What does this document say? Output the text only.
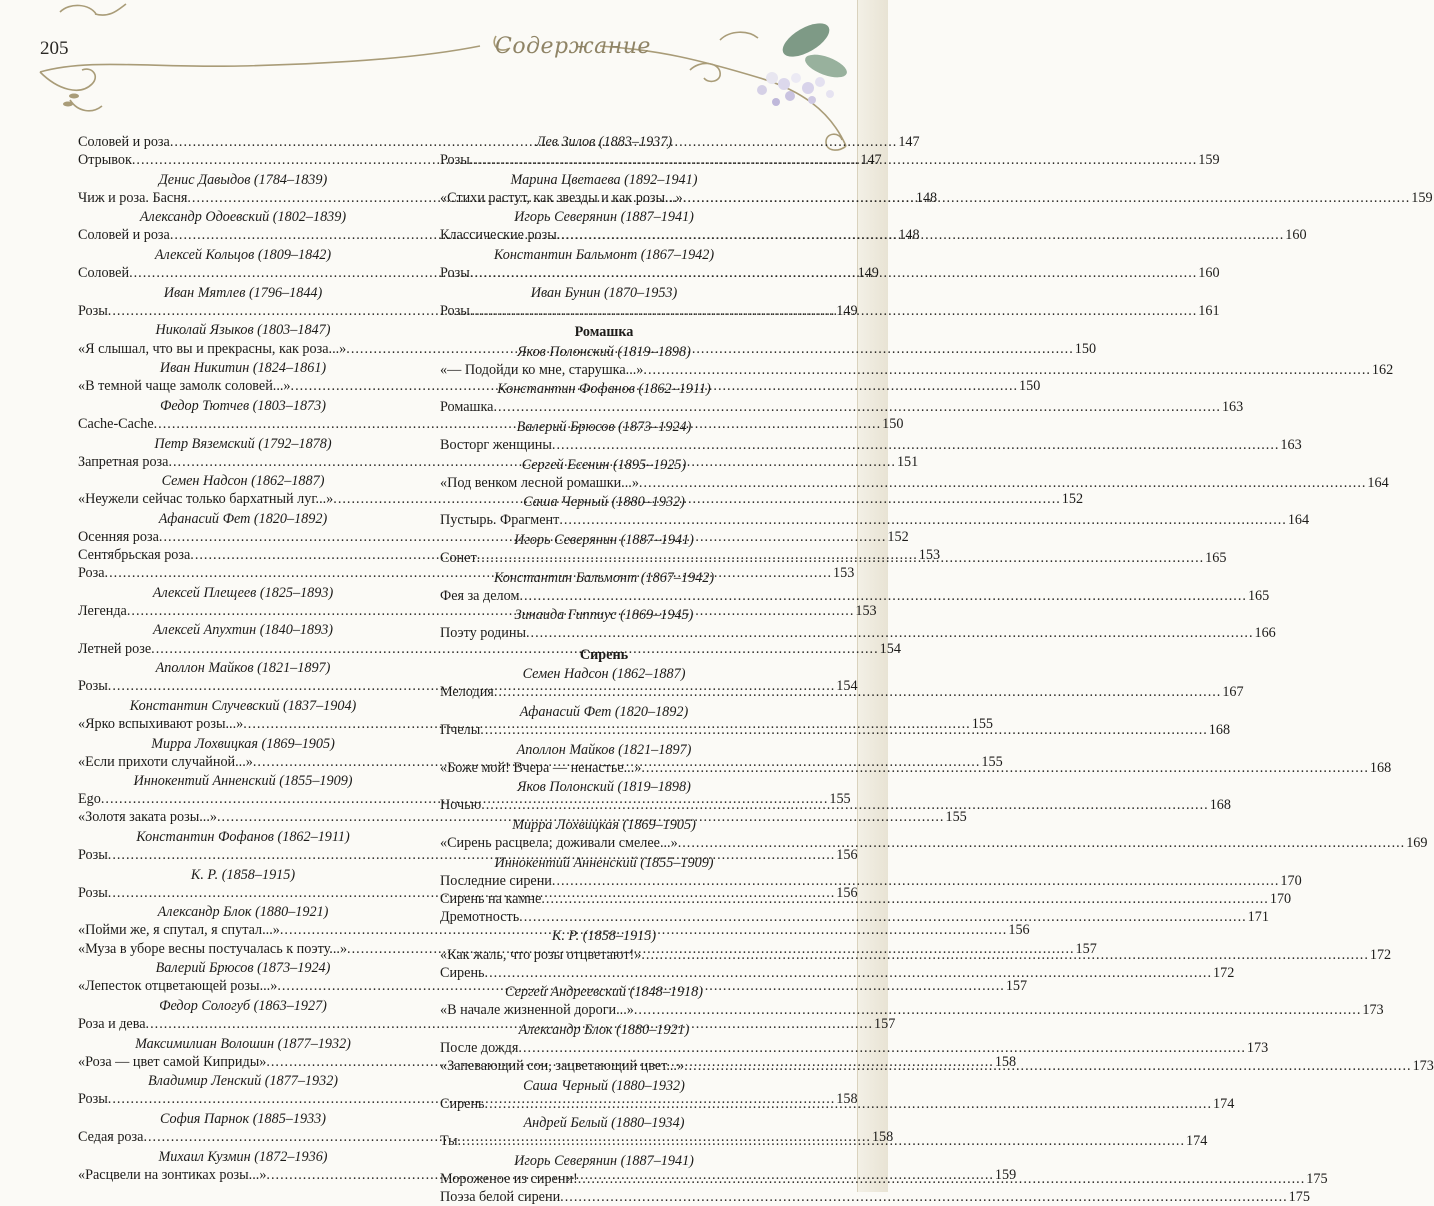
205	Содержание
Соловей и роза .....	147
Отрывок .....	147
Денис Давыдов (1784–1839)
Чиж и роза. Басня .....	148
Александр Одоевский (1802–1839)
Соловей и роза .....	148
Алексей Кольцов (1809–1842)
Соловей .....	149
Иван Мятлев (1796–1844)
Розы .....	149
Николай Языков (1803–1847)
«Я слышал, что вы и прекрасны, как роза...» .....	150
Иван Никитин (1824–1861)
«В темной чаще замолк соловей...» .....	150
Федор Тютчев (1803–1873)
Cache-Cache .....	150
Петр Вяземский (1792–1878)
Запретная роза .....	151
Семен Надсон (1862–1887)
«Неужели сейчас только бархатный луг...» .....	152
Афанасий Фет (1820–1892)
Осенняя роза .....	152
Сентябрьская роза .....	153
Роза .....	153
Алексей Плещеев (1825–1893)
Легенда .....	153
Алексей Апухтин (1840–1893)
Летней розе .....	154
Аполлон Майков (1821–1897)
Розы .....	154
Константин Случевский (1837–1904)
«Ярко вспыхивают розы...» .....	155
Мирра Лохвицкая (1869–1905)
«Если прихоти случайной...» .....	155
Иннокентий Анненский (1855–1909)
Ego .....	155
«Золотя заката розы...» .....	155
Константин Фофанов (1862–1911)
Розы .....	156
К. Р. (1858–1915)
Розы .....	156
Александр Блок (1880–1921)
«Пойми же, я спутал, я спутал...» .....	156
«Муза в уборе весны постучалась к поэту...» .....	157
Валерий Брюсов (1873–1924)
«Лепесток отцветающей розы...» .....	157
Федор Сологуб (1863–1927)
Роза и дева .....	157
Максимилиан Волошин (1877–1932)
«Роза — цвет самой Киприды» .....	158
Владимир Ленский (1877–1932)
Розы .....	158
София Парнок (1885–1933)
Седая роза .....	158
Михаил Кузмин (1872–1936)
«Расцвели на зонтиках розы...» .....	159
Лев Зилов (1883–1937)
Розы .....	159
Марина Цветаева (1892–1941)
«Стихи растут, как звезды и как розы...» .....	159
Игорь Северянин (1887–1941)
Классические розы .....	160
Константин Бальмонт (1867–1942)
Розы .....	160
Иван Бунин (1870–1953)
Розы .....	161
Ромашка
Яков Полонский (1819–1898)
«— Подойди ко мне, старушка...» .....	162
Константин Фофанов (1862–1911)
Ромашка .....	163
Валерий Брюсов (1873–1924)
Восторг женщины .....	163
Сергей Есенин (1895–1925)
«Под венком лесной ромашки...» .....	164
Саша Черный (1880–1932)
Пустырь. Фрагмент .....	164
Игорь Северянин (1887–1941)
Сонет .....	165
Константин Бальмонт (1867–1942)
Фея за делом .....	165
Зинаида Гиппиус (1869–1945)
Поэту родины .....	166
Сирень
Семен Надсон (1862–1887)
Мелодия .....	167
Афанасий Фет (1820–1892)
Пчелы .....	168
Аполлон Майков (1821–1897)
«Боже мой! Вчера — ненастье...» .....	168
Яков Полонский (1819–1898)
Ночью .....	168
Мирра Лохвицкая (1869–1905)
«Сирень расцвела; доживали смелее...» .....	169
Иннокентий Анненский (1855–1909)
Последние сирени .....	170
Сирень на камне .....	170
Дремотность .....	171
К. Р. (1858–1915)
«Как жаль, что розы отцветают!» .....	172
Сирень .....	172
Сергей Андреевский (1848–1918)
«В начале жизненной дороги...» .....	173
Александр Блок (1880–1921)
После дождя .....	173
«Запевающий сон, зацветающий цвет...» .....	173
Саша Черный (1880–1932)
Сирень .....	174
Андрей Белый (1880–1934)
Ты .....	174
Игорь Северянин (1887–1941)
Мороженое из сирени! .....	175
Поэза белой сирени .....	175
